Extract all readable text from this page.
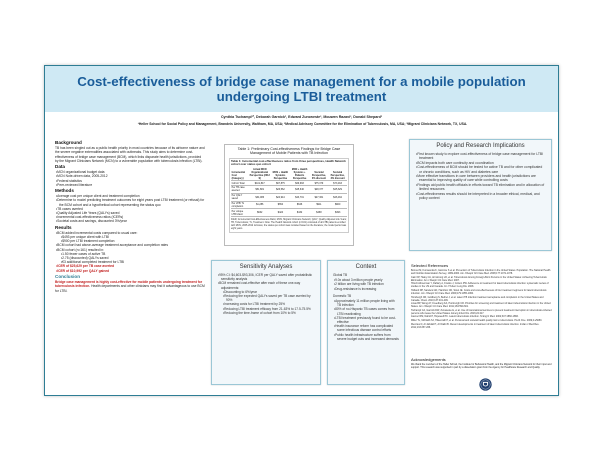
Cost-effectiveness of bridge case management for a mobile population undergoing LTBI treatment
Cynthia Tschampl¹², Deborah Garnick¹, Edward Zuroweste³, Mouwen Razavi³, Donald Shepard¹
¹Heller School for Social Policy and Management, Brandeis University, Waltham, MA, USA; ²Medical Advisory Committee for the Elimination of Tuberculosis, MA, USA; ³Migrant Clinicians Network, TX, USA.
Background
TB has been singled out as a public health priority in most countries because of its airborne nature and the severe negative externalities associated with outbreaks. This study aims to determine cost-effectiveness of bridge case management (BCM), which links disparate health jurisdictions, provided by the Migrant Clinicians Network (MCN) to a vulnerable population with tuberculosis infection (LTBI).
Data
• MCN organizational budget data
• MCN Note-driven data, 2005-2012
• Federal statistics
• Peer-reviewed literature
Methods
• Average cost per unique client and treatment completion
• Determine to model predicting treatment outcomes for eight years post LTBI treatment (or refusal) for the BCM cohort and a hypothetical cohort representing the status quo
• TB cases averted
• Quality Adjusted Life Years (QALYs) saved
• Incremental cost-effectiveness ratios (ICERs)
• Societal costs and savings, discounted 3%/year
Results
• BCM added incremental costs compared to usual care:
• $493 per unique client with LTBI
• $900 per LTBI treatment completion
• BCM cohort had above-average treatment acceptance and completion rates
• BCM cohort (n=161) resulted in:
• 1.50 fewer cases of active TB
• 2.75 (discounted) QALYs saved
• €3 additional completed treatment for LTBI
• ICER of $25,629 per TB case averted
• ICER of $10,992 per QALY gained
Conclusion
Bridge case management is highly cost-effective for mobile patients undergoing treatment for tuberculosis infection. Health departments and other clinicians may find it advantageous to use BCM for LTBI.
Table 1: Preliminary Cost-effectiveness Findings for Bridge Case Management of Mobile Patients with TB Infection
Table 1: Incremental cost-effectiveness ratios from three perspectives, Health Network cohort over status quo cohort
Incremental Cost (Category)	Actual MCN Organizational Perspective (2012 $)	MCN + Health Systems Perspective	MCN + Health Systems + Patients Perspective	Societal Perspective, 0% discount	Societal Perspective, 3% discount
Cohort Total	$101,847	$67,875	$69,993	$75,379	$73,463
Per TB case averted	$51,881	$26,562	$25,646	$28,377	$25,629
Per QALY saved	$34,086	$24,944	$23,701	$27,361	$26,462
Per LTBI Tx completion	$1,286	$654	$646	$911	$900
Per unique LTBI client	$632	$424	$432	$468	$493
ICER, Incremental Cost-Effectiveness Ratio; MCN, Migrant Clinicians Network; QALY, Quality Adjusted Life Years; TB, Tuberculosis; Tx, Treatment. Note: The Health Network cohort (n=161) consisted of all LTBI patients enrolled with MCN, 2005-2012 inclusive; the status quo cohort was modeled based on the literature; the model period was eight years.
Sensitivity Analyses
• 95% CI: $4,603-$93,306, ICER per QALY saved after probabilistic sensitivity analysis
• BCM remained cost-effective after each of these one-way adjustments:
• Discounting to 6%/year
• Reducing the expected QALYs saved per TB case averted by 90%
• Increasing costs for LTBI treatment by 25%
• Reducing LTBI treatment efficacy from 21-63% to 17.5-75.5%
• Reducing the time-frame of cohort from 10% to 5%
Context
Global TB
• 9.0x about 3 million people yearly
• 2 billion are living with TB infection
• Drug-resistance is increasing
Domestic TB
• Approximately 11 million people living with TB infection
• 80% of no-Hispanic TB cases comes from LTBI reactivating
• LTBI treatment previously found to be cost-effective
• Health insurance reform has complicated some infectious disease control efforts
• Public health infrastructure suffers from severe budget cuts and increased demands
Policy and Research Implications
• First known study to explore cost-effectiveness of bridge case management for LTBI treatment
• BCM impacts both care continuity and coordination
• Cost-effectiveness of BCM should be tested for active TB and for other complicated or chronic conditions, such as HIV and diabetes care
• More effective transitions in care between providers and health jurisdictions are essential to improving quality of care while controlling costs
• Findings aid public health officials in efforts toward TB elimination and in allocation of limited resources
• Cost-effectiveness results should be interpreted in a broader ethical, medical, and policy context
Selected References
Bonnet M, Kumwenda K, Gammie S et al. Prevention of Tuberculosis Infection in the United States. Population. The National Health and Nutrition Examination Survey, 1999-2000. Am J Respir Crit Care Med. 2008;177:1071-1078.
Cain KP, Haley CA, Armstrong LR, et al. Tuberculosis Among Foreign-Born Persons in the United States: Achieving Tuberculosis Elimination. Am J Respir Crit Care Med. 2007.
Hirsch-Moverman Y, Daftary A, Franks J, Colson PW. Adherence to treatment for latent tuberculosis infection: systematic review of studies in the US and Canada. Int J Tuberc Lung Dis. 2008.
Holland DP, Sanders GD, Hamilton CD, Stout JE. Costs and cost-effectiveness of four treatment regimens for latent tuberculosis infection. Am J Respir Crit Care Med. 2009;179:1055-1060.
Horsburgh CR, Goldberg S, Bethel J, et al. Latent TB infection treatment acceptance and completion in the United States and Canada. Chest. 2010;137:401-409.
Linas BP, Wong AY, Freedberg KA, Horsburgh CR. Priorities for screening and treatment of latent tuberculosis infection in the United States. Am J Respir Crit Care Med. 2011;184:590-601.
Tschampl CA, Garnick DW, Zuroweste E, et al. Use of transnational services to prevent treatment interruption in tuberculosis-infected persons who leave the United States. Emerg Infect Dis. 2016;22:417.
Jasmer RM, Nahid P, Hopewell PC. Latent tuberculosis infection. N Engl J Med. 2002;347:1860-1866.
Miller TL, McNabb SJ, Hilsenrath P, et al. Personal and societal health quality lost to tuberculosis. PLoS One. 2009;4:e5080.
Menzies D, Al Jahdali H, Al Otaibi B. Recent developments in treatment of latent tuberculosis infection. Indian J Med Res. 2011;133:257-266.
Acknowledgements
We thank the members of the Heller School, the Institute for Behavioral Health, and the Migrant Clinicians Network for their input and support. This research was supported in part by a dissertation grant from the Agency for Healthcare Research and Quality.
